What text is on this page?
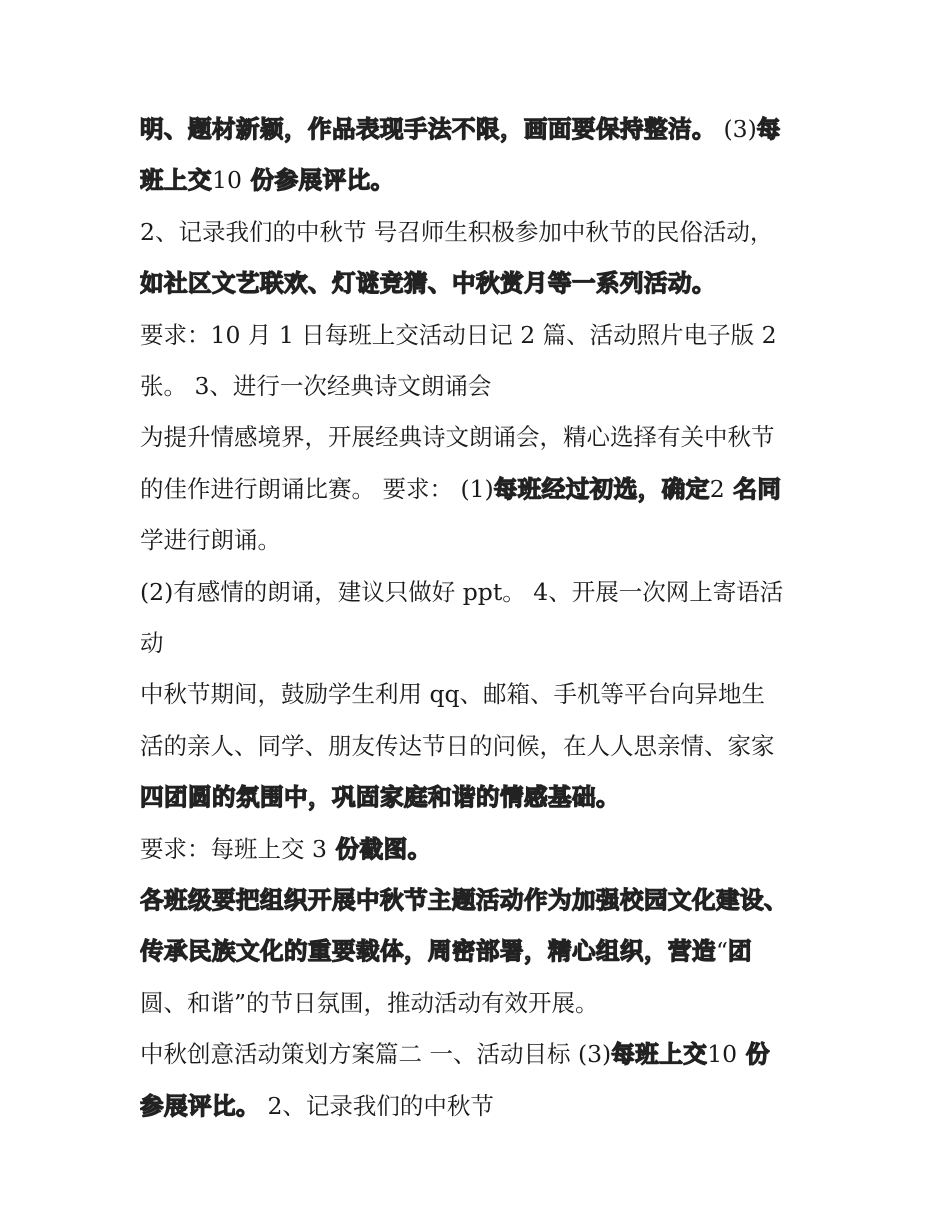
明、题材新颖，作品表现手法不限，画面要保持整洁。 (3)每
班上交10 份参展评比。
2、记录我们的中秋节 号召师生积极参加中秋节的民俗活动，
如社区文艺联欢、灯谜竞猜、中秋赏月等一系列活动。
要求：10 月 1 日每班上交活动日记 2 篇、活动照片电子版 2
张。 3、进行一次经典诗文朗诵会
为提升情感境界，开展经典诗文朗诵会，精心选择有关中秋节
的佳作进行朗诵比赛。 要求： (1)每班经过初选，确定2 名同
学进行朗诵。
(2)有感情的朗诵，建议只做好 ppt。 4、开展一次网上寄语活
动
中秋节期间，鼓励学生利用 qq、邮箱、手机等平台向异地生
活的亲人、同学、朋友传达节日的问候，在人人思亲情、家家
四团圆的氛围中，巩固家庭和谐的情感基础。
要求：每班上交 3 份截图。
各班级要把组织开展中秋节主题活动作为加强校园文化建设、
传承民族文化的重要载体，周密部署，精心组织，营造“团
圆、和谐”的节日氛围，推动活动有效开展。
中秋创意活动策划方案篇二 一、活动目标 (3)每班上交10 份
参展评比。 2、记录我们的中秋节
